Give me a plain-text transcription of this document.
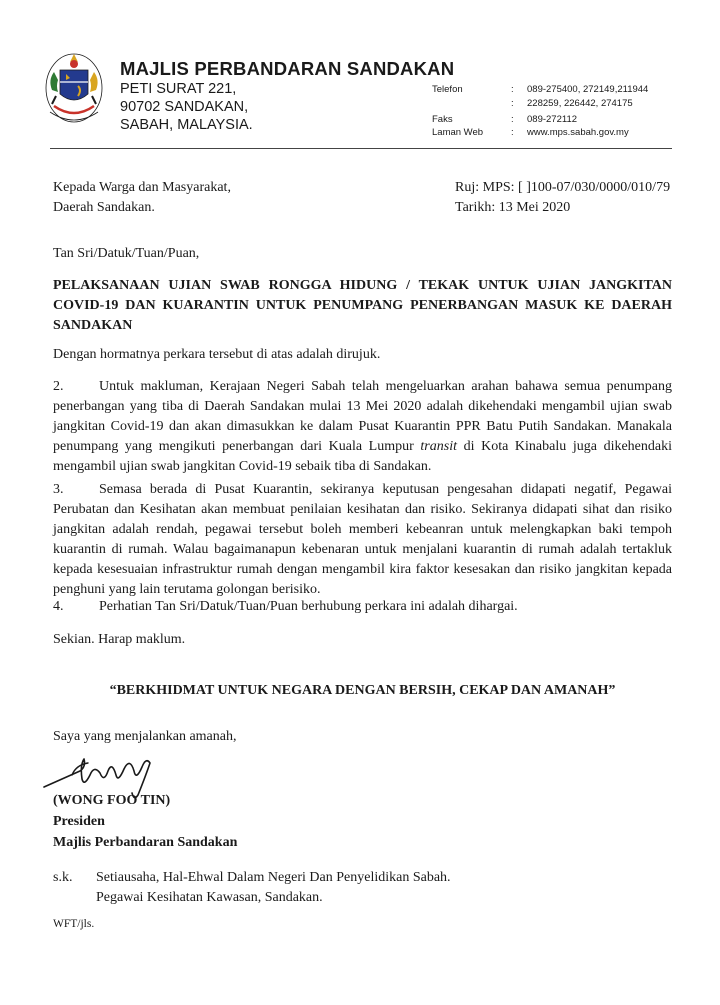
MAJLIS PERBANDARAN SANDAKAN
PETI SURAT 221,
90702 SANDAKAN,
SABAH, MALAYSIA.
Telefon	: 089-275400, 272149,211944
: 228259, 226442, 274175
Faks	: 089-272112
Laman Web	: www.mps.sabah.gov.my
Kepada Warga dan Masyarakat,
Daerah Sandakan.
Ruj: MPS: [ ]100-07/030/0000/010/79
Tarikh: 13 Mei 2020
Tan Sri/Datuk/Tuan/Puan,
PELAKSANAAN UJIAN SWAB RONGGA HIDUNG / TEKAK UNTUK UJIAN JANGKITAN COVID-19 DAN KUARANTIN UNTUK PENUMPANG PENERBANGAN MASUK KE DAERAH SANDAKAN
Dengan hormatnya perkara tersebut di atas adalah dirujuk.
2.	Untuk makluman, Kerajaan Negeri Sabah telah mengeluarkan arahan bahawa semua penumpang penerbangan yang tiba di Daerah Sandakan mulai 13 Mei 2020 adalah dikehendaki mengambil ujian swab jangkitan Covid-19 dan akan dimasukkan ke dalam Pusat Kuarantin PPR Batu Putih Sandakan. Manakala penumpang yang mengikuti penerbangan dari Kuala Lumpur transit di Kota Kinabalu juga dikehendaki mengambil ujian swab jangkitan Covid-19 sebaik tiba di Sandakan.
3.	Semasa berada di Pusat Kuarantin, sekiranya keputusan pengesahan didapati negatif, Pegawai Perubatan dan Kesihatan akan membuat penilaian kesihatan dan risiko. Sekiranya didapati sihat dan risiko jangkitan adalah rendah, pegawai tersebut boleh memberi kebeanran untuk melengkapkan baki tempoh kuarantin di rumah. Walau bagaimanapun kebenaran untuk menjalani kuarantin di rumah adalah tertakluk kepada kesesuaian infrastruktur rumah dengan mengambil kira faktor kesesakan dan risiko jangkitan kepada penghuni yang lain terutama golongan berisiko.
4.	Perhatian Tan Sri/Datuk/Tuan/Puan berhubung perkara ini adalah dihargai.
Sekian. Harap maklum.
“BERKHIDMAT UNTUK NEGARA DENGAN BERSIH, CEKAP DAN AMANAH”
Saya yang menjalankan amanah,
(WONG FOO TIN)
Presiden
Majlis Perbandaran Sandakan
s.k. Setiausaha, Hal-Ehwal Dalam Negeri Dan Penyelidikan Sabah.
Pegawai Kesihatan Kawasan, Sandakan.
WFT/jls.
